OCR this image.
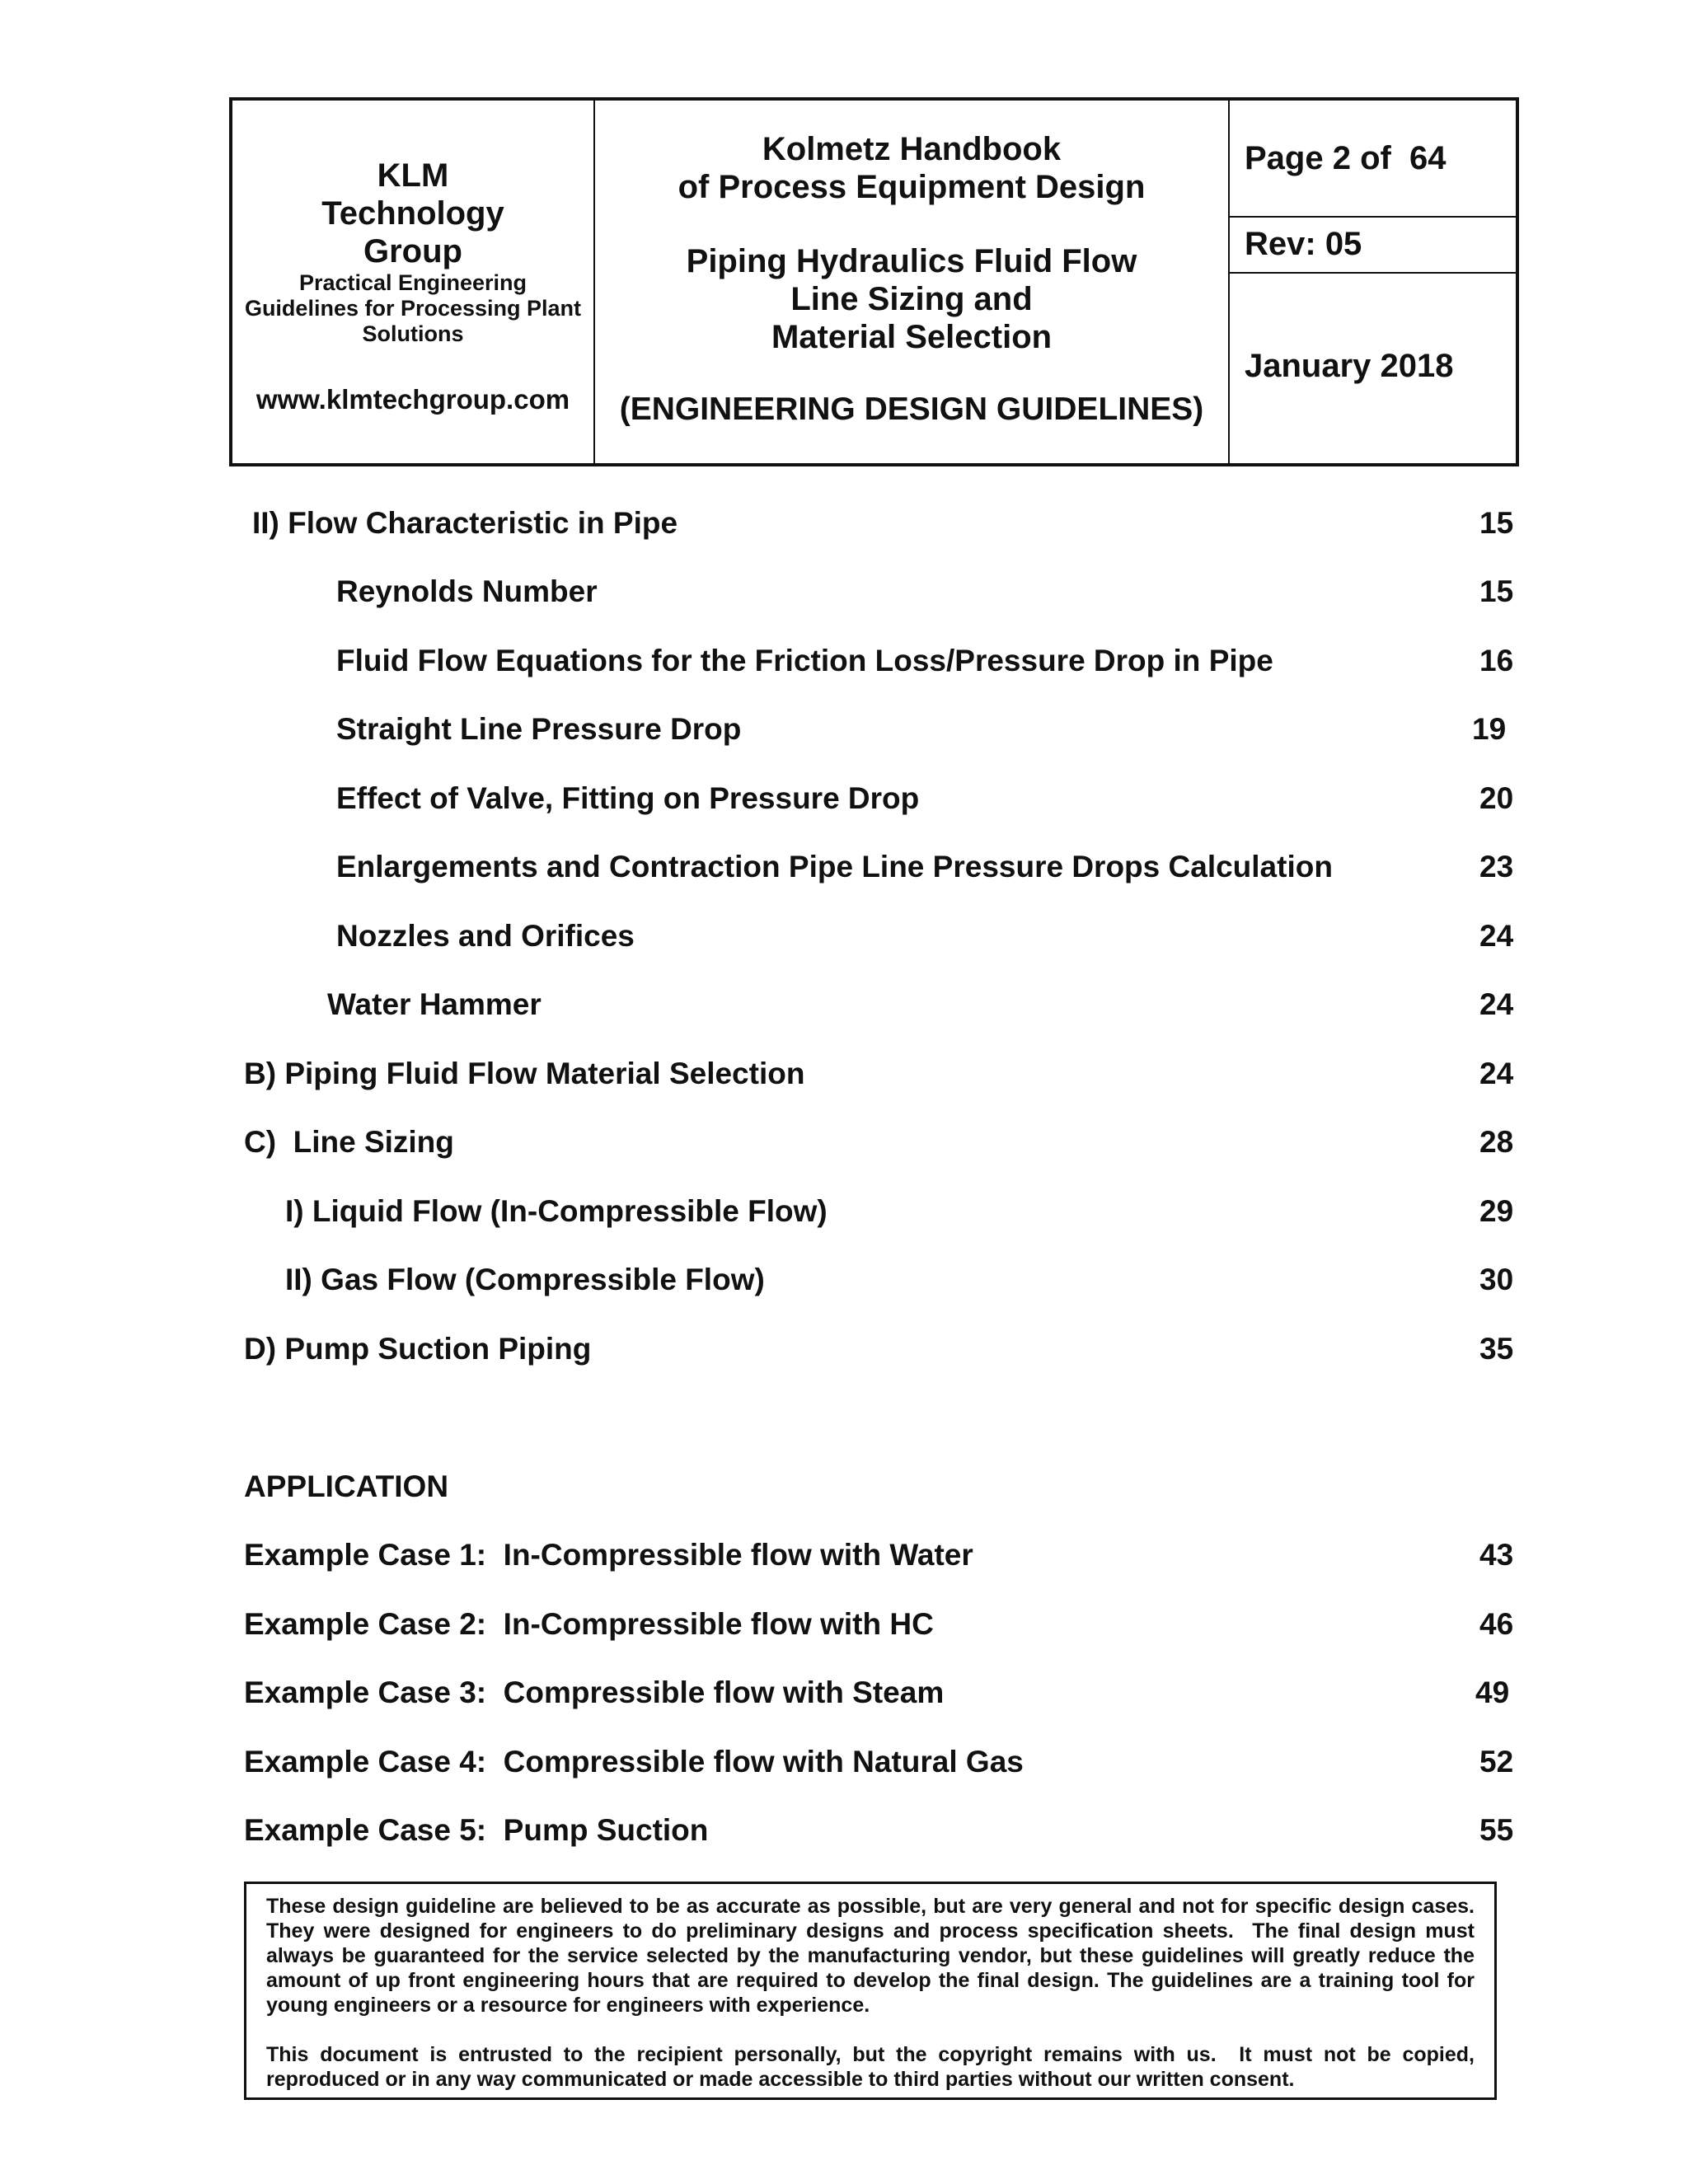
KLM Technology Group
Practical Engineering Guidelines for Processing Plant Solutions
www.klmtechgroup.com
Kolmetz Handbook
of Process Equipment Design
Piping Hydraulics Fluid Flow
Line Sizing and
Material Selection
(ENGINEERING DESIGN GUIDELINES)
Page 2 of  64
Rev: 05
January 2018
II) Flow Characteristic in Pipe	15
Reynolds Number	15
Fluid Flow Equations for the Friction Loss/Pressure Drop in Pipe	16
Straight Line Pressure Drop	19
Effect of Valve, Fitting on Pressure Drop	20
Enlargements and Contraction Pipe Line Pressure Drops Calculation	23
Nozzles and Orifices	24
Water Hammer	24
B) Piping Fluid Flow Material Selection	24
C)  Line Sizing	28
I) Liquid Flow (In-Compressible Flow)	29
II) Gas Flow (Compressible Flow)	30
D) Pump Suction Piping	35
APPLICATION
Example Case 1:  In-Compressible flow with Water	43
Example Case 2:  In-Compressible flow with HC	46
Example Case 3:  Compressible flow with Steam	49
Example Case 4:  Compressible flow with Natural Gas	52
Example Case 5:  Pump Suction	55

These design guideline are believed to be as accurate as possible, but are very general and not for specific design cases. They were designed for engineers to do preliminary designs and process specification sheets.  The final design must always be guaranteed for the service selected by the manufacturing vendor, but these guidelines will greatly reduce the amount of up front engineering hours that are required to develop the final design. The guidelines are a training tool for young engineers or a resource for engineers with experience.

This document is entrusted to the recipient personally, but the copyright remains with us.  It must not be copied, reproduced or in any way communicated or made accessible to third parties without our written consent.
